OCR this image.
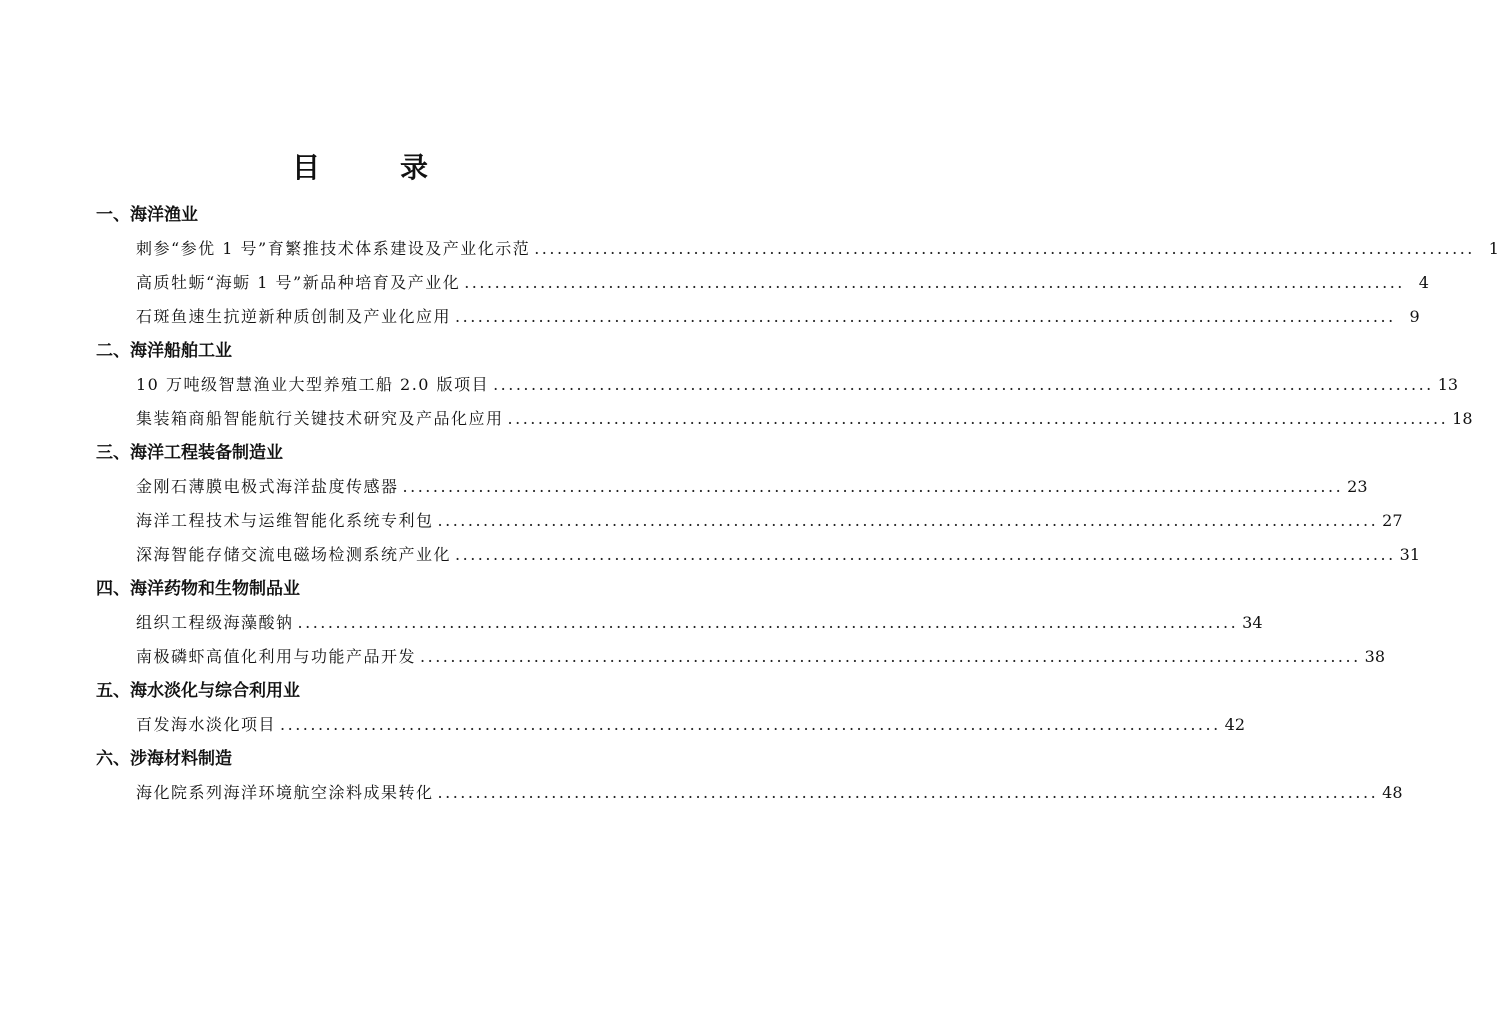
目　录
一、海洋渔业
刺参“参优 1 号”育繁推技术体系建设及产业化示范 .....	1
高质牡蛎“海蛎 1 号”新品种培育及产业化 .....	4
石斑鱼速生抗逆新种质创制及产业化应用 .....	9
二、海洋船舶工业
10 万吨级智慧渔业大型养殖工船 2.0 版项目 .....	13
集装箱商船智能航行关键技术研究及产品化应用 .....	18
三、海洋工程装备制造业
金刚石薄膜电极式海洋盐度传感器 .....	23
海洋工程技术与运维智能化系统专利包 .....	27
深海智能存储交流电磁场检测系统产业化 .....	31
四、海洋药物和生物制品业
组织工程级海藻酸钠 .....	34
南极磷虾高值化利用与功能产品开发 .....	38
五、海水淡化与综合利用业
百发海水淡化项目 .....	42
六、涉海材料制造
海化院系列海洋环境航空涂料成果转化 .....	48
